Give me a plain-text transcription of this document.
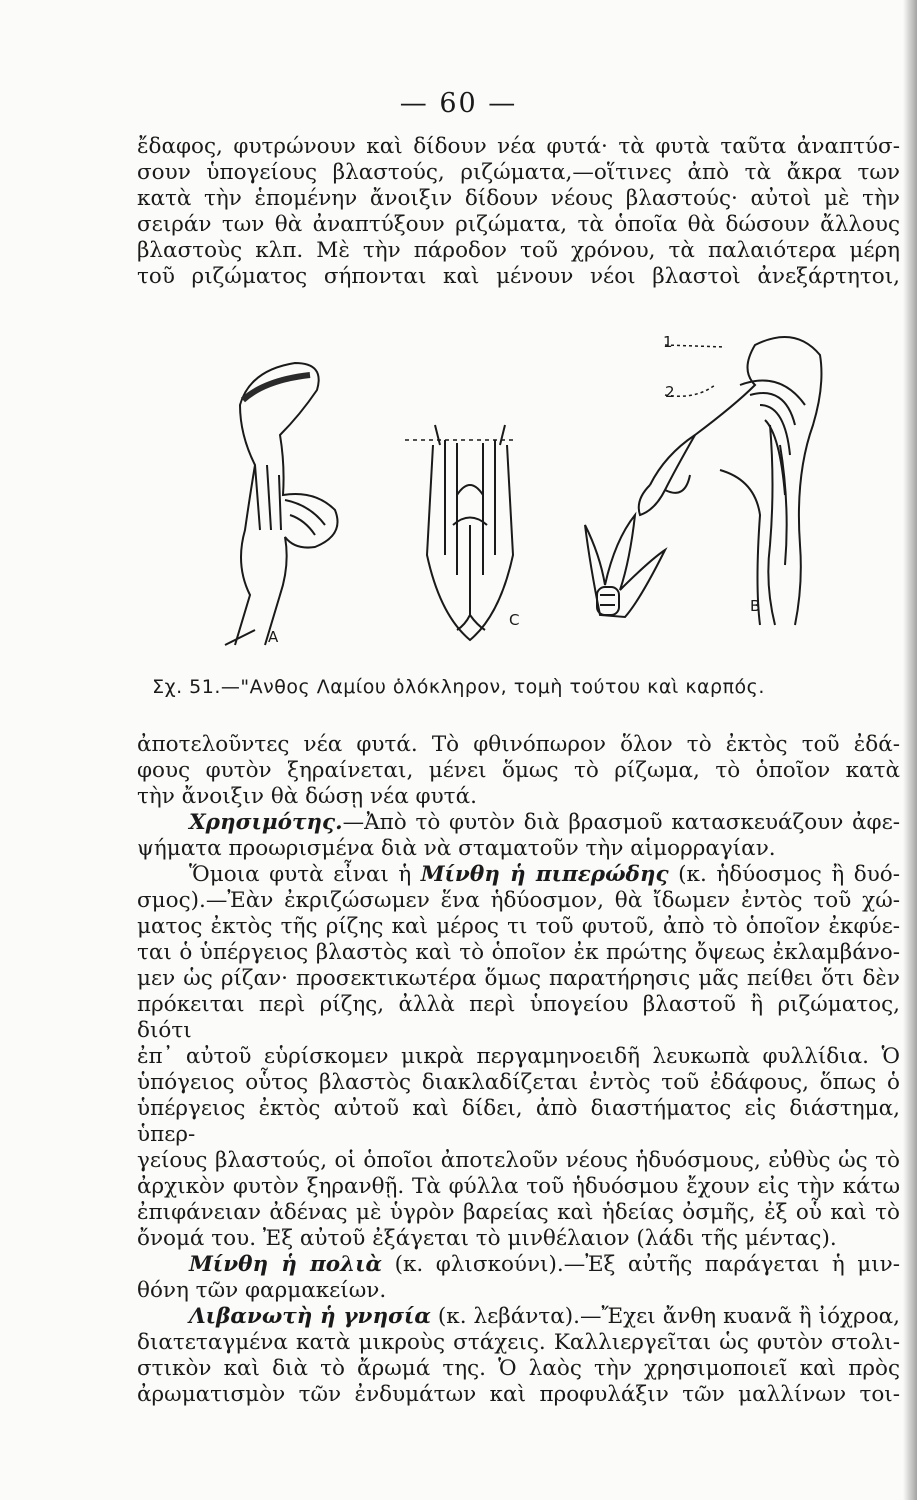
— 60 —

ἔδαφος, φυτρώνουν καὶ δίδουν νέα φυτά· τὰ φυτὰ ταῦτα ἀναπτύσ-

σουν ὑπογείους βλαστούς, ριζώματα,—οἵτινες ἀπὸ τὰ ἄκρα των

κατὰ τὴν ἑπομένην ἄνοιξιν δίδουν νέους βλαστούς· αὐτοὶ μὲ τὴν

σειράν των θὰ ἀναπτύξουν ριζώματα, τὰ ὁποῖα θὰ δώσουν ἄλλους

βλαστοὺς κλπ. Μὲ τὴν πάροδον τοῦ χρόνου, τὰ παλαιότερα μέρη

τοῦ ριζώματος σήπονται καὶ μένουν νέοι βλαστοὶ ἀνεξάρτητοι,

A
C
B
1
2
Σχ. 51.—"Ανθος Λαμίου ὁλόκληρον, τομὴ τούτου καὶ καρπός.

ἀποτελοῦντες νέα φυτά. Τὸ φθινόπωρον ὅλον τὸ ἐκτὸς τοῦ ἐδά-

φους φυτὸν ξηραίνεται, μένει ὅμως τὸ ρίζωμα, τὸ ὁποῖον κατὰ

τὴν ἄνοιξιν θὰ δώσῃ νέα φυτά.

Χρησιμότης.—Ἀπὸ τὸ φυτὸν διὰ βρασμοῦ κατασκευάζουν ἀφε-

ψήματα προωρισμένα διὰ νὰ σταματοῦν τὴν αἱμορραγίαν.

Ὅμοια φυτὰ εἶναι ἡ Μίνθη ἡ πιπερώδης (κ. ἡδύοσμος ἢ δυό-

σμος).—Ἐὰν ἐκριζώσωμεν ἕνα ἡδύοσμον, θὰ ἴδωμεν ἐντὸς τοῦ χώ-

ματος ἐκτὸς τῆς ρίζης καὶ μέρος τι τοῦ φυτοῦ, ἀπὸ τὸ ὁποῖον ἐκφύε-

ται ὁ ὑπέργειος βλαστὸς καὶ τὸ ὁποῖον ἐκ πρώτης ὄψεως ἐκλαμβάνο-

μεν ὡς ρίζαν· προσεκτικωτέρα ὅμως παρατήρησις μᾶς πείθει ὅτι δὲν

πρόκειται περὶ ρίζης, ἀλλὰ περὶ ὑπογείου βλαστοῦ ἢ ριζώματος, διότι

ἐπ᾽ αὐτοῦ εὑρίσκομεν μικρὰ περγαμηνοειδῆ λευκωπὰ φυλλίδια. Ὁ

ὑπόγειος οὗτος βλαστὸς διακλαδίζεται ἐντὸς τοῦ ἐδάφους, ὅπως ὁ

ὑπέργειος ἐκτὸς αὐτοῦ καὶ δίδει, ἀπὸ διαστήματος εἰς διάστημα, ὑπερ-

γείους βλαστούς, οἱ ὁποῖοι ἀποτελοῦν νέους ἡδυόσμους, εὐθὺς ὡς τὸ

ἀρχικὸν φυτὸν ξηρανθῇ. Τὰ φύλλα τοῦ ἡδυόσμου ἔχουν εἰς τὴν κάτω

ἐπιφάνειαν ἀδένας μὲ ὑγρὸν βαρείας καὶ ἡδείας ὀσμῆς, ἐξ οὗ καὶ τὸ

ὄνομά του. Ἐξ αὐτοῦ ἐξάγεται τὸ μινθέλαιον (λάδι τῆς μέντας).

Μίνθη ἡ πολιὰ (κ. φλισκούνι).—Ἐξ αὐτῆς παράγεται ἡ μιν-

θόνη τῶν φαρμακείων.

Λιβανωτὴ ἡ γνησία (κ. λεβάντα).—Ἔχει ἄνθη κυανᾶ ἢ ἰόχροα,

διατεταγμένα κατὰ μικροὺς στάχεις. Καλλιεργεῖται ὡς φυτὸν στολι-

στικὸν καὶ διὰ τὸ ἄρωμά της. Ὁ λαὸς τὴν χρησιμοποιεῖ καὶ πρὸς

ἀρωματισμὸν τῶν ἐνδυμάτων καὶ προφυλάξιν τῶν μαλλίνων τοι-
